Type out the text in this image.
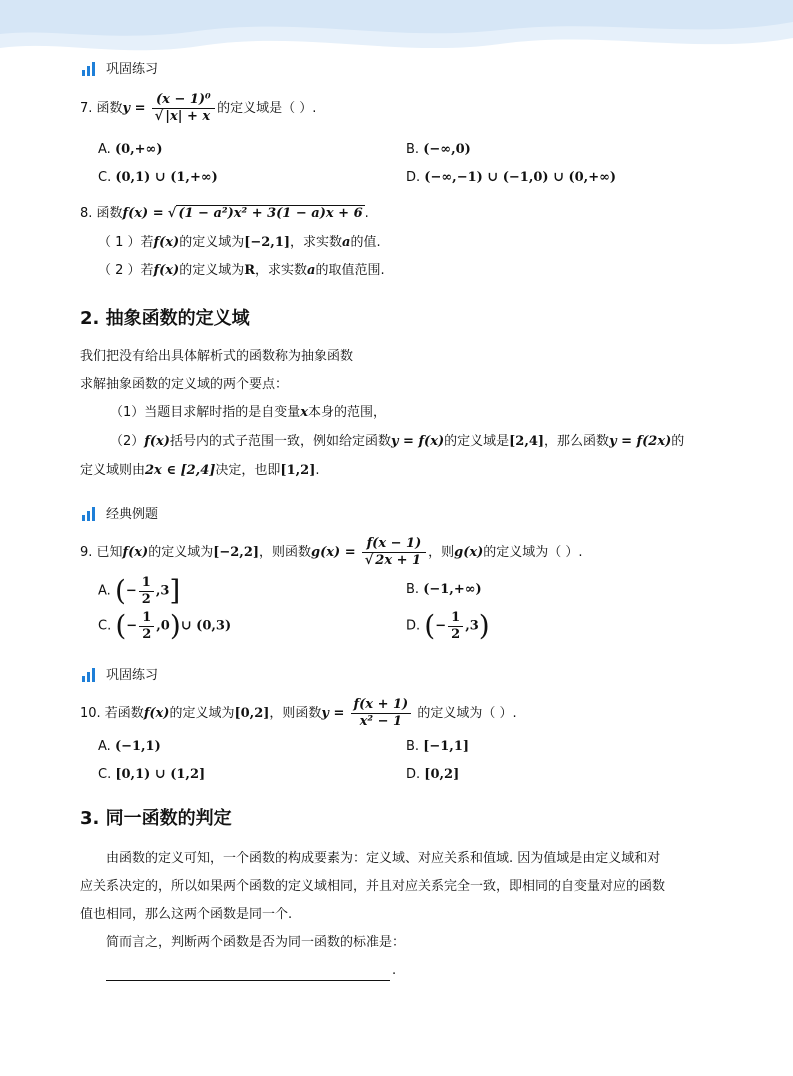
巩固练习
7. 函数$y = \frac{\text{(x − 1)⁰}}{√ |x| + x}$ 的定义域是（ ）.
A. (0,+∞)	B. (−∞,0)
C. (0,1) ∪ (1,+∞)	D. (−∞,−1) ∪ (−1,0) ∪ (0,+∞)
8. 函数f(x) = √ (1 − a²)x² + 3(1 − a)x + 6 .
（ 1 ）若f(x)的定义域为[−2,1]，求实数a的值.
（ 2 ）若f(x)的定义域为R，求实数a的取值范围.
2. 抽象函数的定义域
我们把没有给出具体解析式的函数称为抽象函数
求解抽象函数的定义域的两个要点：
（1）当题目求解时指的是自变量x本身的范围，
（2）f(x)括号内的式子范围一致，例如给定函数y = f(x)的定义域是[2,4]，那么函数y = f(2x)的
定义域则由2x ∈ [2,4]决定，也即[1,2].
经典例题
9. 已知f(x)的定义域为[−2,2]，则函数$g(x) = \frac{f(x - 1)}{√ 2x + 1}$ ，则g(x)的定义域为（ ）.
A. (− $\frac{1}{2} ,3$]	B. (−1,+∞)
C. (− $\frac{1}{2}$ ,0)∪ (0,3)	D. (− $\frac{1}{2} ,3$)
巩固练习
10. 若函数f(x)的定义域为[0,2]，则函数$y = \frac{f(x + 1)}{\text{x² − 1}}$ 的定义域为（ ）.
A. (−1,1)	B. [−1,1]
C. [0,1) ∪ (1,2]	D. [0,2]
3. 同一函数的判定
由函数的定义可知，一个函数的构成要素为：定义域、对应关系和值域. 因为值域是由定义域和对
应关系决定的，所以如果两个函数的定义域相同，并且对应关系完全一致，即相同的自变量对应的函数
值也相同，那么这两个函数是同一个.
简而言之，判断两个函数是否为同一函数的标准是：
.
